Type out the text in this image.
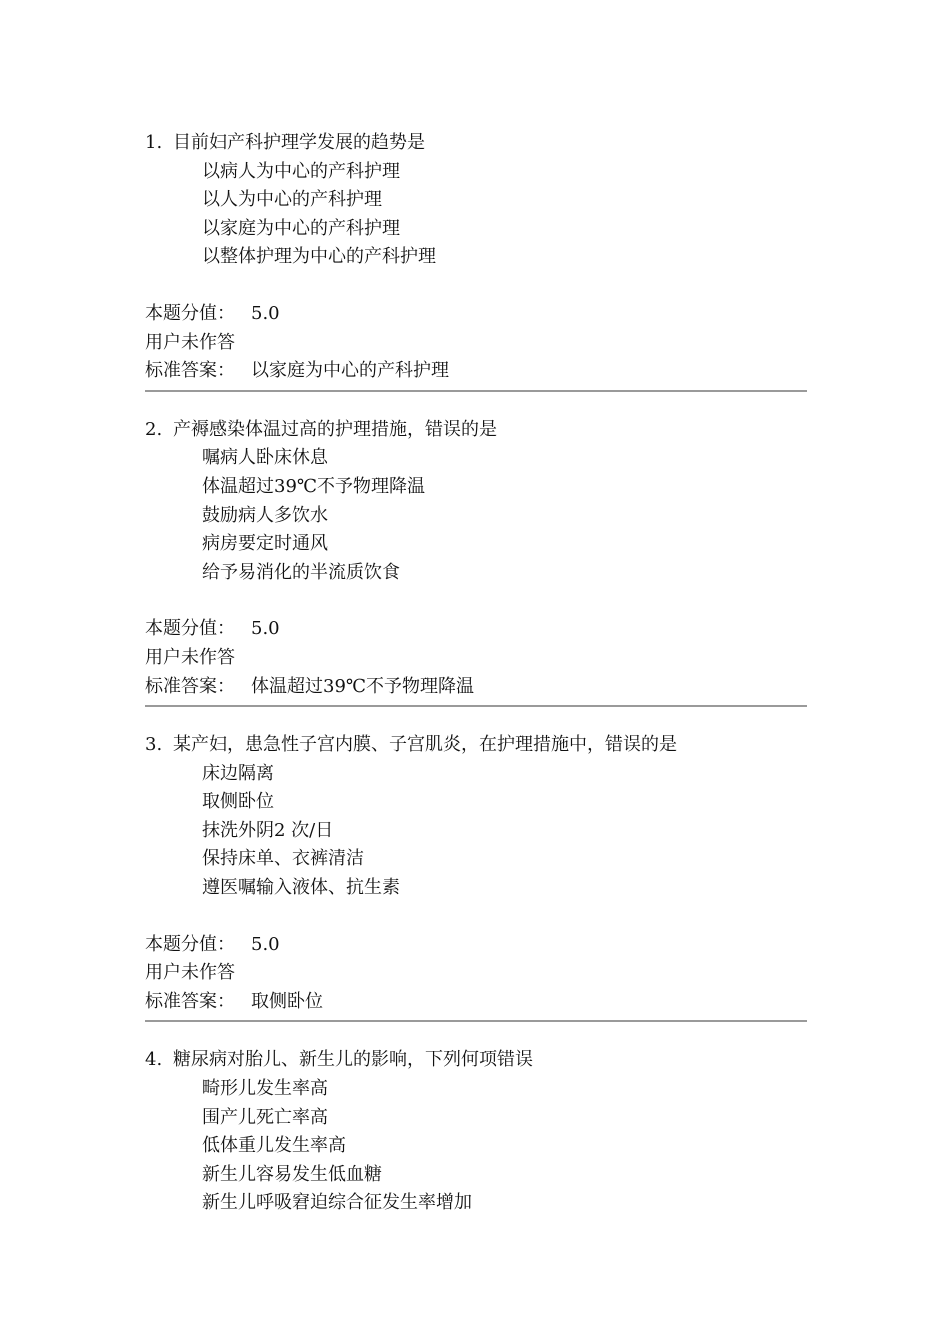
1. 目前妇产科护理学发展的趋势是
以病人为中心的产科护理
以人为中心的产科护理
以家庭为中心的产科护理
以整体护理为中心的产科护理
本题分值： 5.0
用户未作答
标准答案： 以家庭为中心的产科护理
2. 产褥感染体温过高的护理措施，错误的是
嘱病人卧床休息
体温超过39℃不予物理降温
鼓励病人多饮水
病房要定时通风
给予易消化的半流质饮食
本题分值： 5.0
用户未作答
标准答案： 体温超过39℃不予物理降温
3. 某产妇，患急性子宫内膜、子宫肌炎，在护理措施中，错误的是
床边隔离
取侧卧位
抹洗外阴2 次/日
保持床单、衣裤清洁
遵医嘱输入液体、抗生素
本题分值： 5.0
用户未作答
标准答案： 取侧卧位
4. 糖尿病对胎儿、新生儿的影响，下列何项错误
畸形儿发生率高
围产儿死亡率高
低体重儿发生率高
新生儿容易发生低血糖
新生儿呼吸窘迫综合征发生率增加
